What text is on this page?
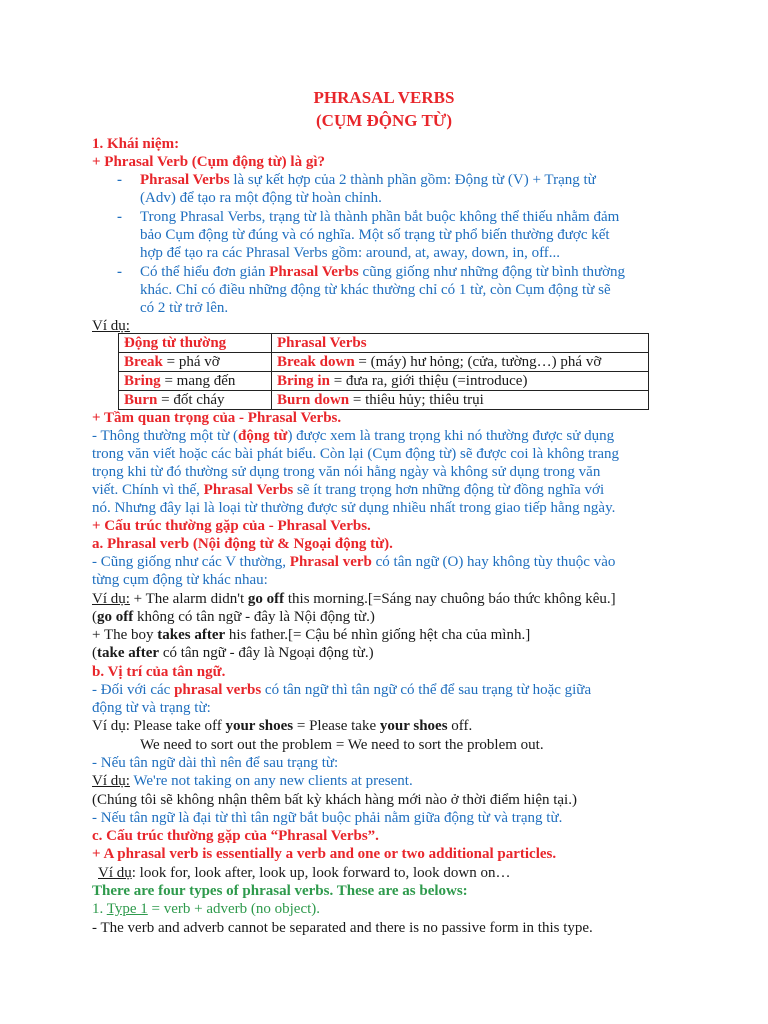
PHRASAL VERBS
(CỤM ĐỘNG TỪ)
1. Khái niệm:
+ Phrasal Verb (Cụm động từ) là gì?
- Phrasal Verbs là sự kết hợp của 2 thành phần gồm: Động từ (V) + Trạng từ
(Adv) để tạo ra một động từ hoàn chỉnh.
- Trong Phrasal Verbs, trạng từ là thành phần bắt buộc không thể thiếu nhằm đảm
bảo Cụm động từ đúng và có nghĩa. Một số trạng từ phổ biến thường được kết
hợp để tạo ra các Phrasal Verbs gồm: around, at, away, down, in, off...
- Có thể hiểu đơn giản Phrasal Verbs cũng giống như những động từ bình thường
khác. Chỉ có điều những động từ khác thường chỉ có 1 từ, còn Cụm động từ sẽ
có 2 từ trở lên.
Ví dụ:
Động từ thường	Phrasal Verbs
Break = phá vỡ	Break down = (máy) hư hỏng; (cửa, tường…) phá vỡ
Bring = mang đến	Bring in = đưa ra, giới thiệu (=introduce)
Burn = đốt cháy	Burn down = thiêu hủy; thiêu trụi
+ Tầm quan trọng của - Phrasal Verbs.
- Thông thường một từ (động từ) được xem là trang trọng khi nó thường được sử dụng
trong văn viết hoặc các bài phát biểu. Còn lại (Cụm động từ) sẽ được coi là không trang
trọng khi từ đó thường sử dụng trong văn nói hằng ngày và không sử dụng trong văn
viết. Chính vì thế, Phrasal Verbs sẽ ít trang trọng hơn những động từ đồng nghĩa với
nó. Nhưng đây lại là loại từ thường được sử dụng nhiều nhất trong giao tiếp hằng ngày.
+ Cấu trúc thường gặp của - Phrasal Verbs.
a. Phrasal verb (Nội động từ & Ngoại động từ).
- Cũng giống như các V thường, Phrasal verb có tân ngữ (O) hay không tùy thuộc vào
từng cụm động từ khác nhau:
Ví dụ: + The alarm didn't go off this morning.[=Sáng nay chuông báo thức không kêu.]
(go off không có tân ngữ - đây là Nội động từ.)
+ The boy takes after his father.[= Cậu bé nhìn giống hệt cha của mình.]
(take after có tân ngữ - đây là Ngoại động từ.)
b. Vị trí của tân ngữ.
- Đối với các phrasal verbs có tân ngữ thì tân ngữ có thể để sau trạng từ hoặc giữa
động từ và trạng từ:
Ví dụ: Please take off your shoes = Please take your shoes off.
We need to sort out the problem = We need to sort the problem out.
- Nếu tân ngữ dài thì nên để sau trạng từ:
Ví dụ: We're not taking on any new clients at present.
(Chúng tôi sẽ không nhận thêm bất kỳ khách hàng mới nào ở thời điểm hiện tại.)
- Nếu tân ngữ là đại từ thì tân ngữ bắt buộc phải nằm giữa động từ và trạng từ.
c. Cấu trúc thường gặp của “Phrasal Verbs”.
+ A phrasal verb is essentially a verb and one or two additional particles.
Ví dụ: look for, look after, look up, look forward to, look down on…
There are four types of phrasal verbs. These are as belows:
1. Type 1 = verb + adverb (no object).
- The verb and adverb cannot be separated and there is no passive form in this type.
